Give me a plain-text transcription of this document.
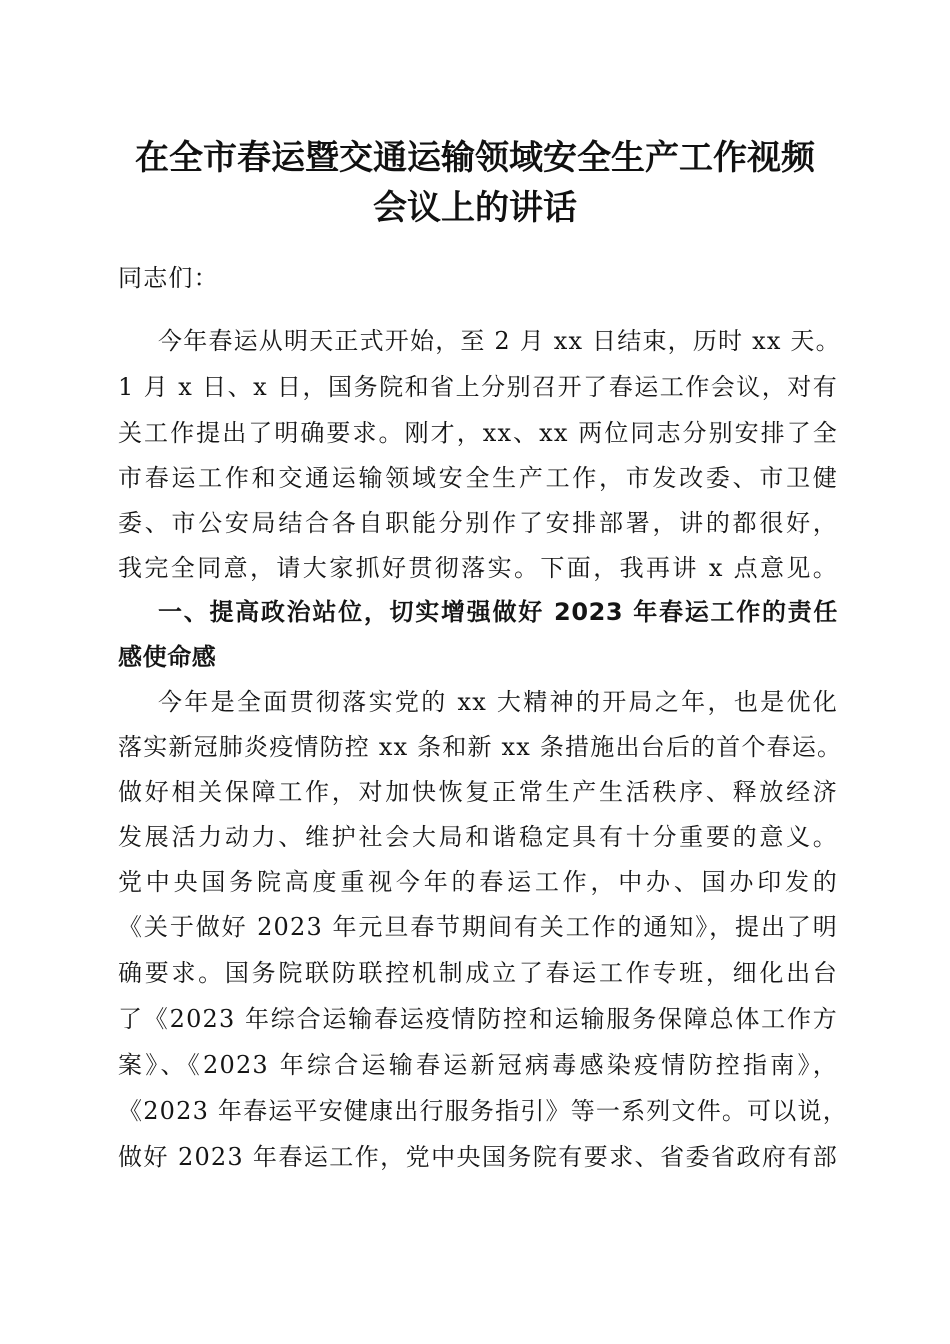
在全市春运暨交通运输领域安全生产工作视频
会议上的讲话
同志们：
今年春运从明天正式开始，至 2 月 xx 日结束，历时 xx 天。
1 月 x 日、x 日，国务院和省上分别召开了春运工作会议，对有
关工作提出了明确要求。刚才，xx、xx 两位同志分别安排了全
市春运工作和交通运输领域安全生产工作，市发改委、市卫健
委、市公安局结合各自职能分别作了安排部署，讲的都很好，
我完全同意，请大家抓好贯彻落实。下面，我再讲 x 点意见。
一、提高政治站位，切实增强做好 2023 年春运工作的责任
感使命感
今年是全面贯彻落实党的 xx 大精神的开局之年，也是优化
落实新冠肺炎疫情防控 xx 条和新 xx 条措施出台后的首个春运。
做好相关保障工作，对加快恢复正常生产生活秩序、释放经济
发展活力动力、维护社会大局和谐稳定具有十分重要的意义。
党中央国务院高度重视今年的春运工作，中办、国办印发的
《关于做好 2023 年元旦春节期间有关工作的通知》，提出了明
确要求。国务院联防联控机制成立了春运工作专班，细化出台
了《2023 年综合运输春运疫情防控和运输服务保障总体工作方
案》、《2023 年综合运输春运新冠病毒感染疫情防控指南》，
《2023 年春运平安健康出行服务指引》等一系列文件。可以说，
做好 2023 年春运工作，党中央国务院有要求、省委省政府有部
